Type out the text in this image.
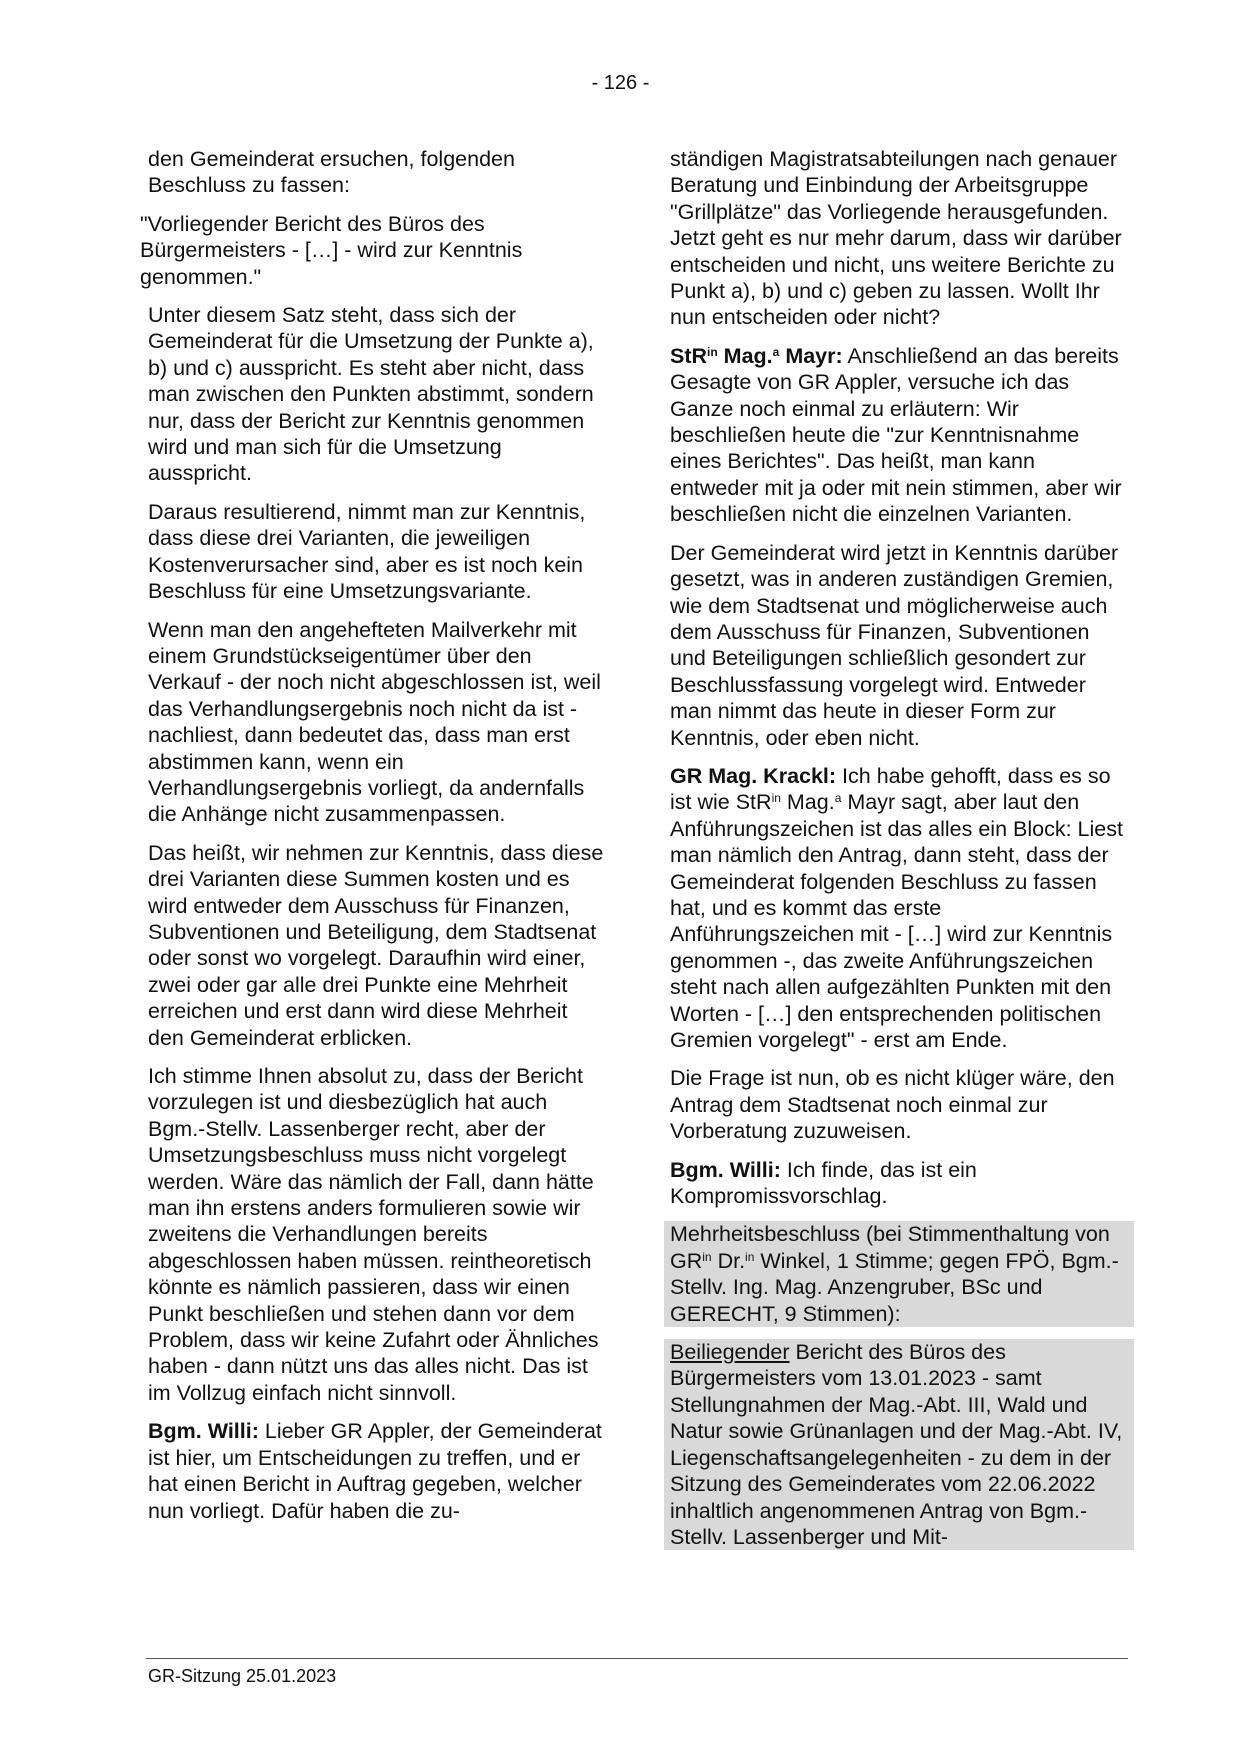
- 126 -

den Gemeinderat ersuchen, folgenden Beschluss zu fassen:

"Vorliegender Bericht des Büros des Bürgermeisters - […] - wird zur Kenntnis genommen."

Unter diesem Satz steht, dass sich der Gemeinderat für die Umsetzung der Punkte a), b) und c) ausspricht. Es steht aber nicht, dass man zwischen den Punkten abstimmt, sondern nur, dass der Bericht zur Kenntnis genommen wird und man sich für die Umsetzung ausspricht.

Daraus resultierend, nimmt man zur Kenntnis, dass diese drei Varianten, die jeweiligen Kostenverursacher sind, aber es ist noch kein Beschluss für eine Umsetzungsvariante.

Wenn man den angehefteten Mailverkehr mit einem Grundstückseigentümer über den Verkauf - der noch nicht abgeschlossen ist, weil das Verhandlungsergebnis noch nicht da ist - nachliest, dann bedeutet das, dass man erst abstimmen kann, wenn ein Verhandlungsergebnis vorliegt, da andernfalls die Anhänge nicht zusammenpassen.

Das heißt, wir nehmen zur Kenntnis, dass diese drei Varianten diese Summen kosten und es wird entweder dem Ausschuss für Finanzen, Subventionen und Beteiligung, dem Stadtsenat oder sonst wo vorgelegt. Daraufhin wird einer, zwei oder gar alle drei Punkte eine Mehrheit erreichen und erst dann wird diese Mehrheit den Gemeinderat erblicken.

Ich stimme Ihnen absolut zu, dass der Bericht vorzulegen ist und diesbezüglich hat auch Bgm.-Stellv. Lassenberger recht, aber der Umsetzungsbeschluss muss nicht vorgelegt werden. Wäre das nämlich der Fall, dann hätte man ihn erstens anders formulieren sowie wir zweitens die Verhandlungen bereits abgeschlossen haben müssen. reintheoretisch könnte es nämlich passieren, dass wir einen Punkt beschließen und stehen dann vor dem Problem, dass wir keine Zufahrt oder Ähnliches haben - dann nützt uns das alles nicht. Das ist im Vollzug einfach nicht sinnvoll.

Bgm. Willi: Lieber GR Appler, der Gemeinderat ist hier, um Entscheidungen zu treffen, und er hat einen Bericht in Auftrag gegeben, welcher nun vorliegt. Dafür haben die zu-

ständigen Magistratsabteilungen nach genauer Beratung und Einbindung der Arbeitsgruppe "Grillplätze" das Vorliegende herausgefunden. Jetzt geht es nur mehr darum, dass wir darüber entscheiden und nicht, uns weitere Berichte zu Punkt a), b) und c) geben zu lassen. Wollt Ihr nun entscheiden oder nicht?

StR$^{in}$ Mag.$^a$ Mayr: Anschließend an das bereits Gesagte von GR Appler, versuche ich das Ganze noch einmal zu erläutern: Wir beschließen heute die "zur Kenntnisnahme eines Berichtes". Das heißt, man kann entweder mit ja oder mit nein stimmen, aber wir beschließen nicht die einzelnen Varianten.

Der Gemeinderat wird jetzt in Kenntnis darüber gesetzt, was in anderen zuständigen Gremien, wie dem Stadtsenat und möglicherweise auch dem Ausschuss für Finanzen, Subventionen und Beteiligungen schließlich gesondert zur Beschlussfassung vorgelegt wird. Entweder man nimmt das heute in dieser Form zur Kenntnis, oder eben nicht.

GR Mag. Krackl: Ich habe gehofft, dass es so ist wie StR$^{in}$ Mag.$^a$ Mayr sagt, aber laut den Anführungszeichen ist das alles ein Block: Liest man nämlich den Antrag, dann steht, dass der Gemeinderat folgenden Beschluss zu fassen hat, und es kommt das erste Anführungszeichen mit - […] wird zur Kenntnis genommen -, das zweite Anführungszeichen steht nach allen aufgezählten Punkten mit den Worten - […] den entsprechenden politischen Gremien vorgelegt" - erst am Ende.

Die Frage ist nun, ob es nicht klüger wäre, den Antrag dem Stadtsenat noch einmal zur Vorberatung zuzuweisen.

Bgm. Willi: Ich finde, das ist ein Kompromissvorschlag.

Mehrheitsbeschluss (bei Stimmenthaltung von $GR^{in}$ Dr.$^{in}$ Winkel, 1 Stimme; gegen FPÖ, Bgm.-Stellv. Ing. Mag. Anzengruber, BSc und GERECHT, 9 Stimmen):

Beiliegender Bericht des Büros des Bürgermeisters vom 13.01.2023 - samt Stellungnahmen der Mag.-Abt. III, Wald und Natur sowie Grünanlagen und der Mag.-Abt. IV, Liegenschaftsangelegenheiten - zu dem in der Sitzung des Gemeinderates vom 22.06.2022 inhaltlich angenommenen Antrag von Bgm.-Stellv. Lassenberger und Mit-

GR-Sitzung 25.01.2023
